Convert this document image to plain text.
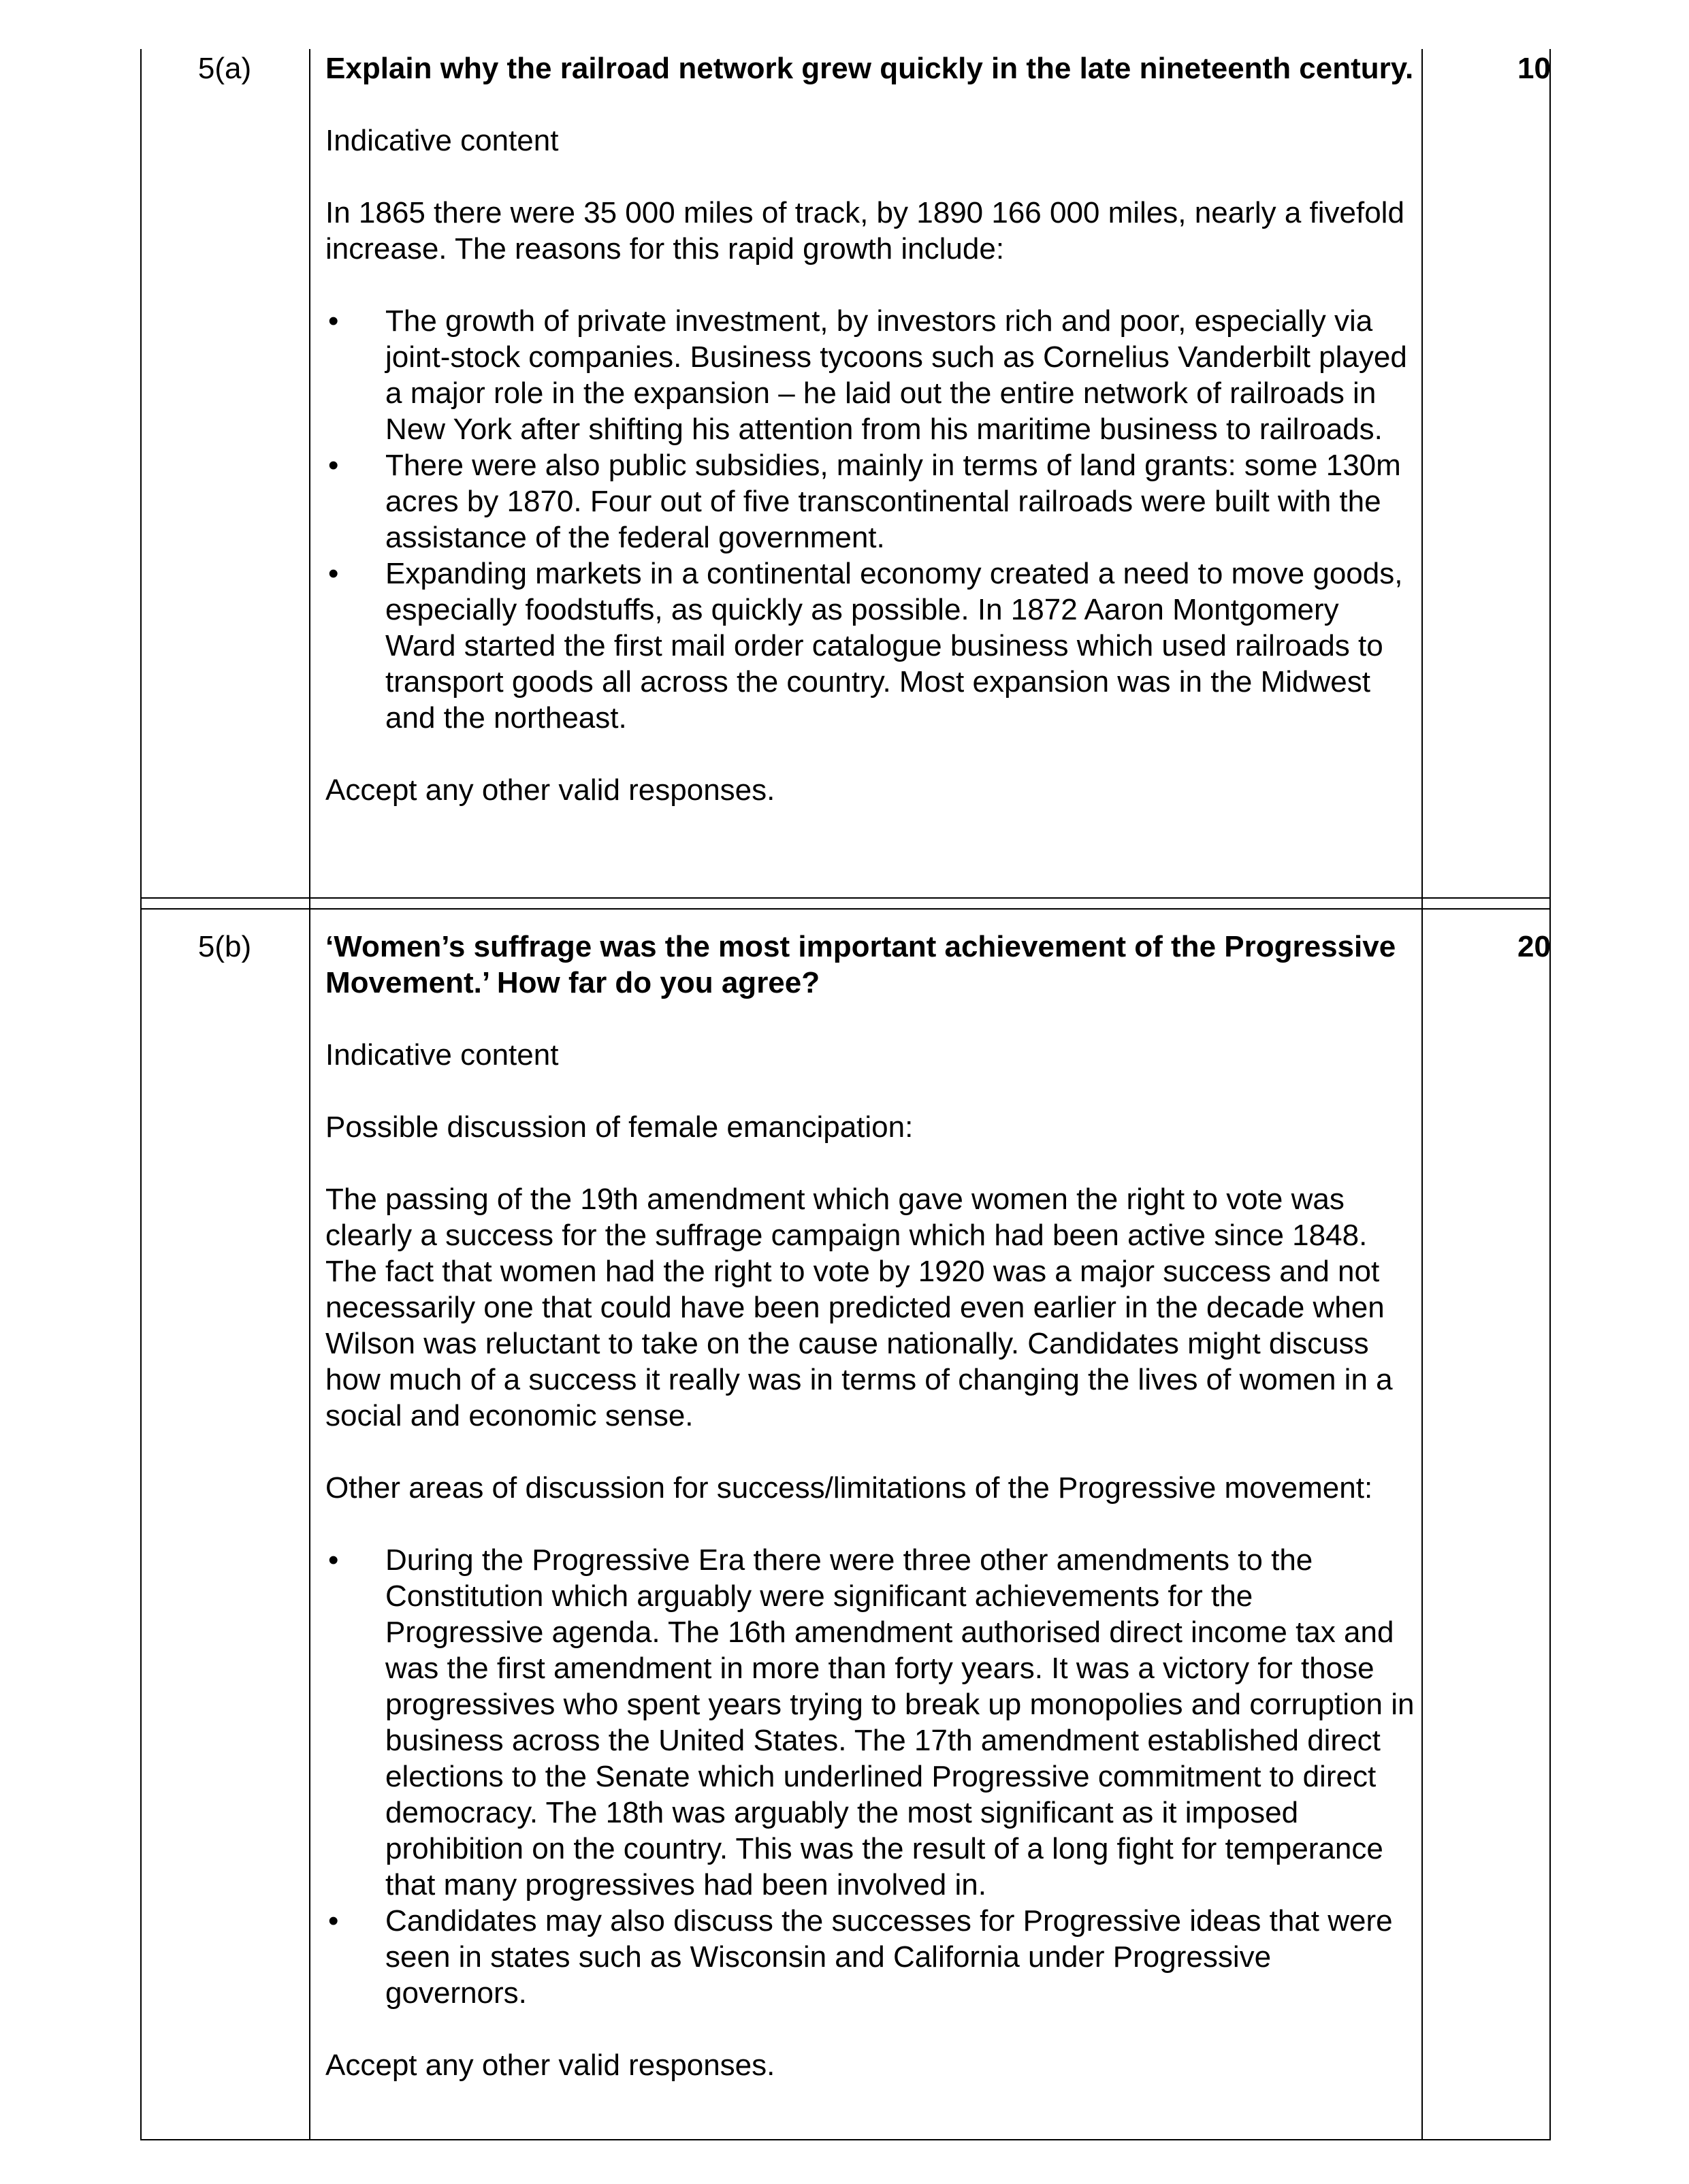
5(a)	10

Explain why the railroad network grew quickly in the late nineteenth century.

Indicative content

In 1865 there were 35 000 miles of track, by 1890 166 000 miles, nearly a fivefold increase. The reasons for this rapid growth include:

• The growth of private investment, by investors rich and poor, especially via joint-stock companies. Business tycoons such as Cornelius Vanderbilt played a major role in the expansion – he laid out the entire network of railroads in New York after shifting his attention from his maritime business to railroads.
• There were also public subsidies, mainly in terms of land grants: some 130m acres by 1870. Four out of five transcontinental railroads were built with the assistance of the federal government.
• Expanding markets in a continental economy created a need to move goods, especially foodstuffs, as quickly as possible. In 1872 Aaron Montgomery Ward started the first mail order catalogue business which used railroads to transport goods all across the country. Most expansion was in the Midwest and the northeast.

Accept any other valid responses.

5(b)	20

‘Women’s suffrage was the most important achievement of the Progressive Movement.’ How far do you agree?

Indicative content

Possible discussion of female emancipation:

The passing of the 19th amendment which gave women the right to vote was clearly a success for the suffrage campaign which had been active since 1848. The fact that women had the right to vote by 1920 was a major success and not necessarily one that could have been predicted even earlier in the decade when Wilson was reluctant to take on the cause nationally. Candidates might discuss how much of a success it really was in terms of changing the lives of women in a social and economic sense.

Other areas of discussion for success/limitations of the Progressive movement:

• During the Progressive Era there were three other amendments to the Constitution which arguably were significant achievements for the Progressive agenda. The 16th amendment authorised direct income tax and was the first amendment in more than forty years. It was a victory for those progressives who spent years trying to break up monopolies and corruption in business across the United States. The 17th amendment established direct elections to the Senate which underlined Progressive commitment to direct democracy. The 18th was arguably the most significant as it imposed prohibition on the country. This was the result of a long fight for temperance that many progressives had been involved in.
• Candidates may also discuss the successes for Progressive ideas that were seen in states such as Wisconsin and California under Progressive governors.

Accept any other valid responses.
